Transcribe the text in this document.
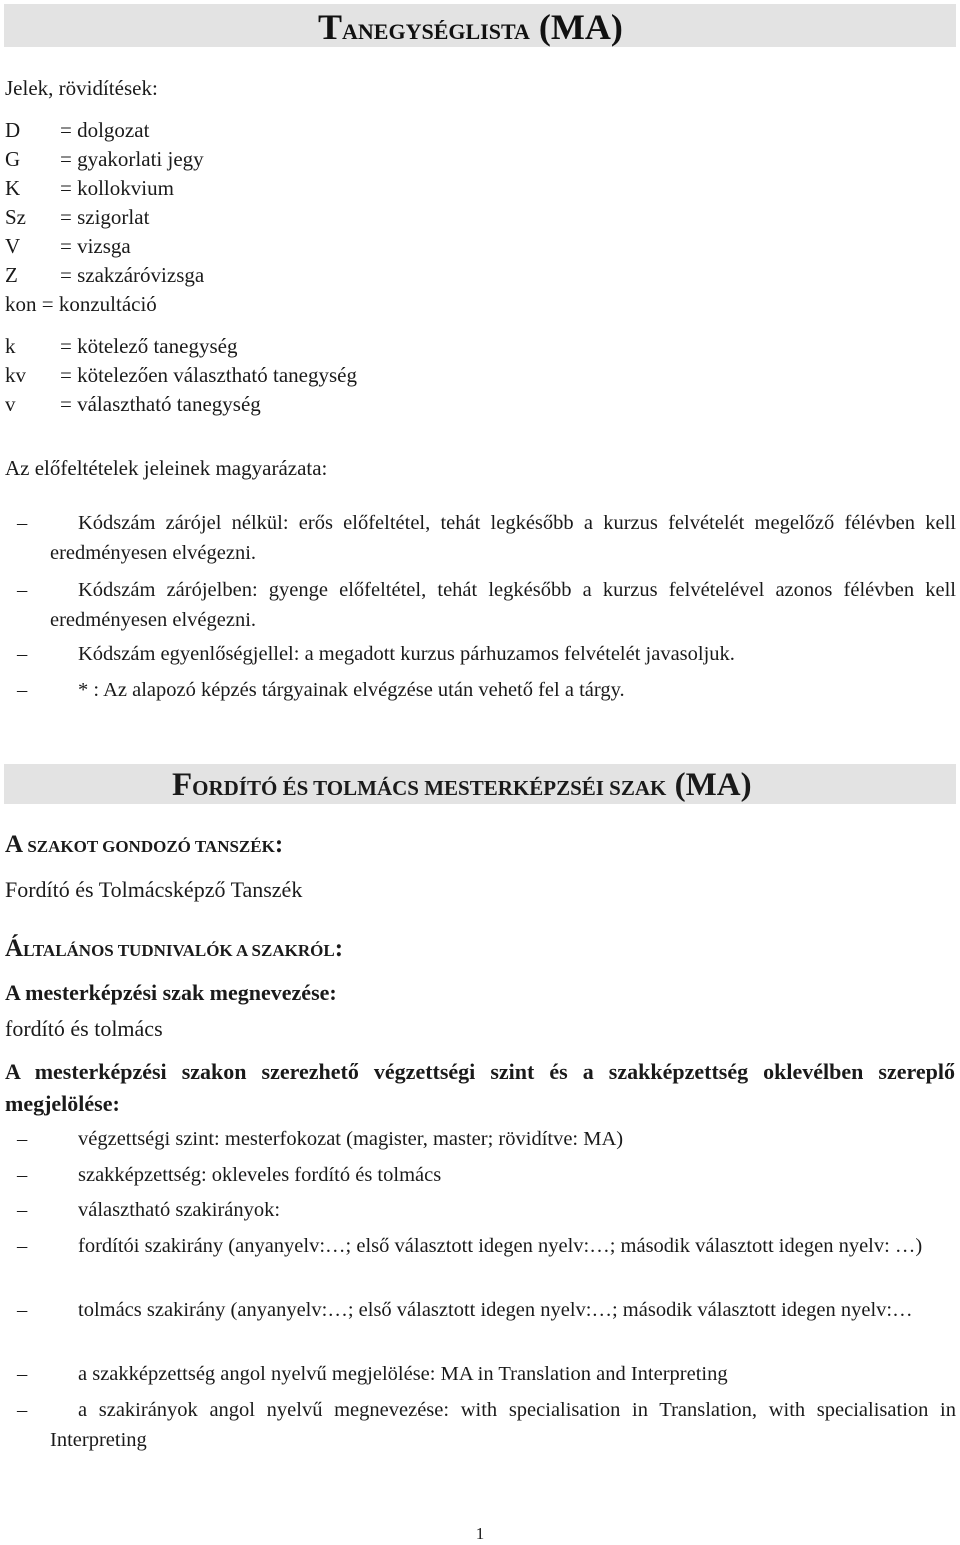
TANEGYSÉGLISTA (MA)
Jelek, rövidítések:
D = dolgozat
G = gyakorlati jegy
K = kollokvium
Sz = szigorlat
V = vizsga
Z = szakzáróvizsga
kon = konzultáció
k = kötelező tanegység
kv = kötelezően választható tanegység
v = választható tanegység
Az előfeltételek jeleinek magyarázata:
–	Kódszám zárójel nélkül: erős előfeltétel, tehát legkésőbb a kurzus felvételét megelőző félévben kell eredményesen elvégezni.
–	Kódszám zárójelben: gyenge előfeltétel, tehát legkésőbb a kurzus felvételével azonos félévben kell eredményesen elvégezni.
–	Kódszám egyenlőségjellel: a megadott kurzus párhuzamos felvételét javasoljuk.
–	* : Az alapozó képzés tárgyainak elvégzése után vehető fel a tárgy.
FORDÍTÓ ÉS TOLMÁCS MESTERKÉPZSÉI SZAK (MA)
A SZAKOT GONDOZÓ TANSZÉK:
Fordító és Tolmácsképző Tanszék
ÁLTALÁNOS TUDNIVALÓK A SZAKRÓL:
A mesterképzési szak megnevezése:
fordító és tolmács
A mesterképzési szakon szerezhető végzettségi szint és a szakképzettség oklevélben szereplő megjelölése:
–	végzettségi szint: mesterfokozat (magister, master; rövidítve: MA)
–	szakképzettség: okleveles fordító és tolmács
–	választható szakirányok:
–	fordítói szakirány (anyanyelv:…; első választott idegen nyelv:…; második választott idegen nyelv: …)
–	tolmács szakirány (anyanyelv:…; első választott idegen nyelv:…; második választott idegen nyelv:…
–	a szakképzettség angol nyelvű megjelölése: MA in Translation and Interpreting
–	a szakirányok angol nyelvű megnevezése: with specialisation in Translation, with specialisation in Interpreting
1
